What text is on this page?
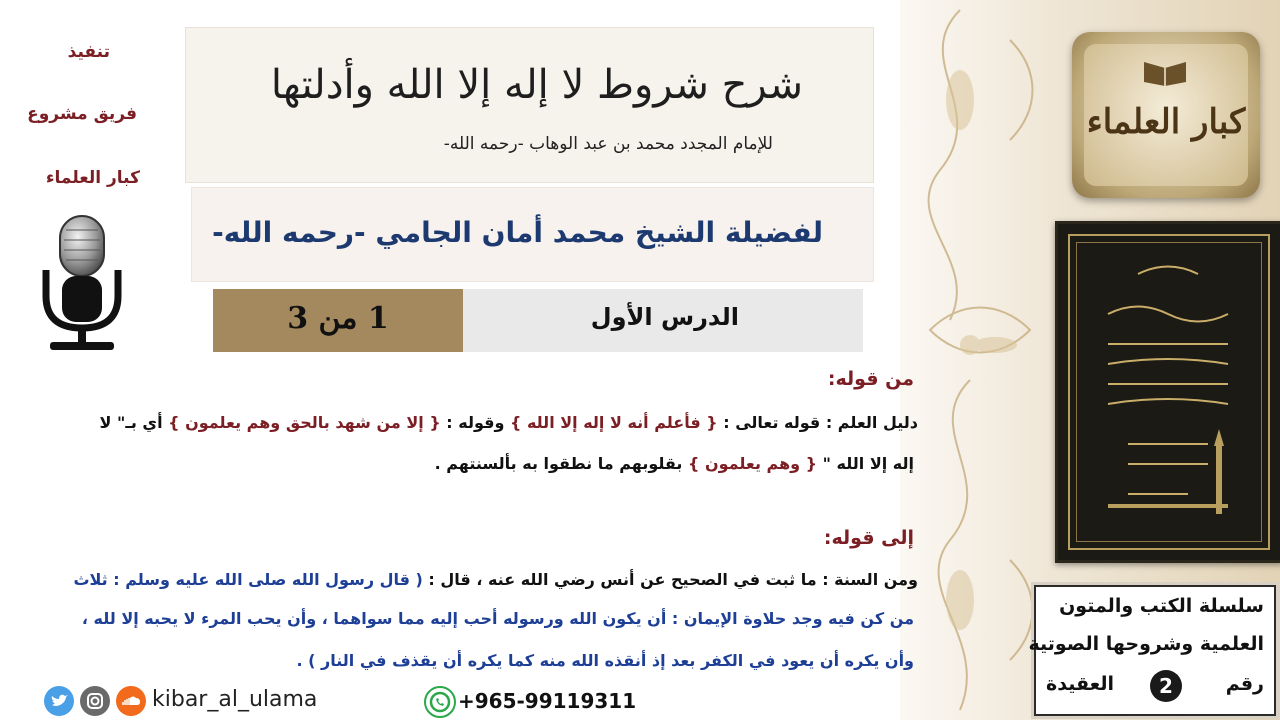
كبار العلماء
سلسلة الكتب والمتون
العلمية وشروحها الصوتية
العقيدة	2	رقم
شرح شروط لا إله إلا الله وأدلتها
للإمام المجدد محمد بن عبد الوهاب -رحمه الله-
لفضيلة الشيخ محمد أمان الجامي -رحمه الله-
الدرس الأول
1 من 3
تنفيذ
فريق مشروع
كبار العلماء
من قوله:
دليل العلم : قوله تعالى : { فأعلم أنه لا إله إلا الله } وقوله : { إلا من شهد بالحق وهم يعلمون } أي بـ" لا
إله إلا الله " { وهم يعلمون } بقلوبهم ما نطقوا به بألسنتهم .
إلى قوله:
ومن السنة : ما ثبت في الصحيح عن أنس رضي الله عنه ، قال : ( قال رسول الله صلى الله عليه وسلم : ثلاث
من كن فيه وجد حلاوة الإيمان : أن يكون الله ورسوله أحب إليه مما سواهما ، وأن يحب المرء لا يحبه إلا لله ،
وأن يكره أن يعود في الكفر بعد إذ أنقذه الله منه كما يكره أن يقذف في النار ) .
kibar_al_ulama	+965-99119311
